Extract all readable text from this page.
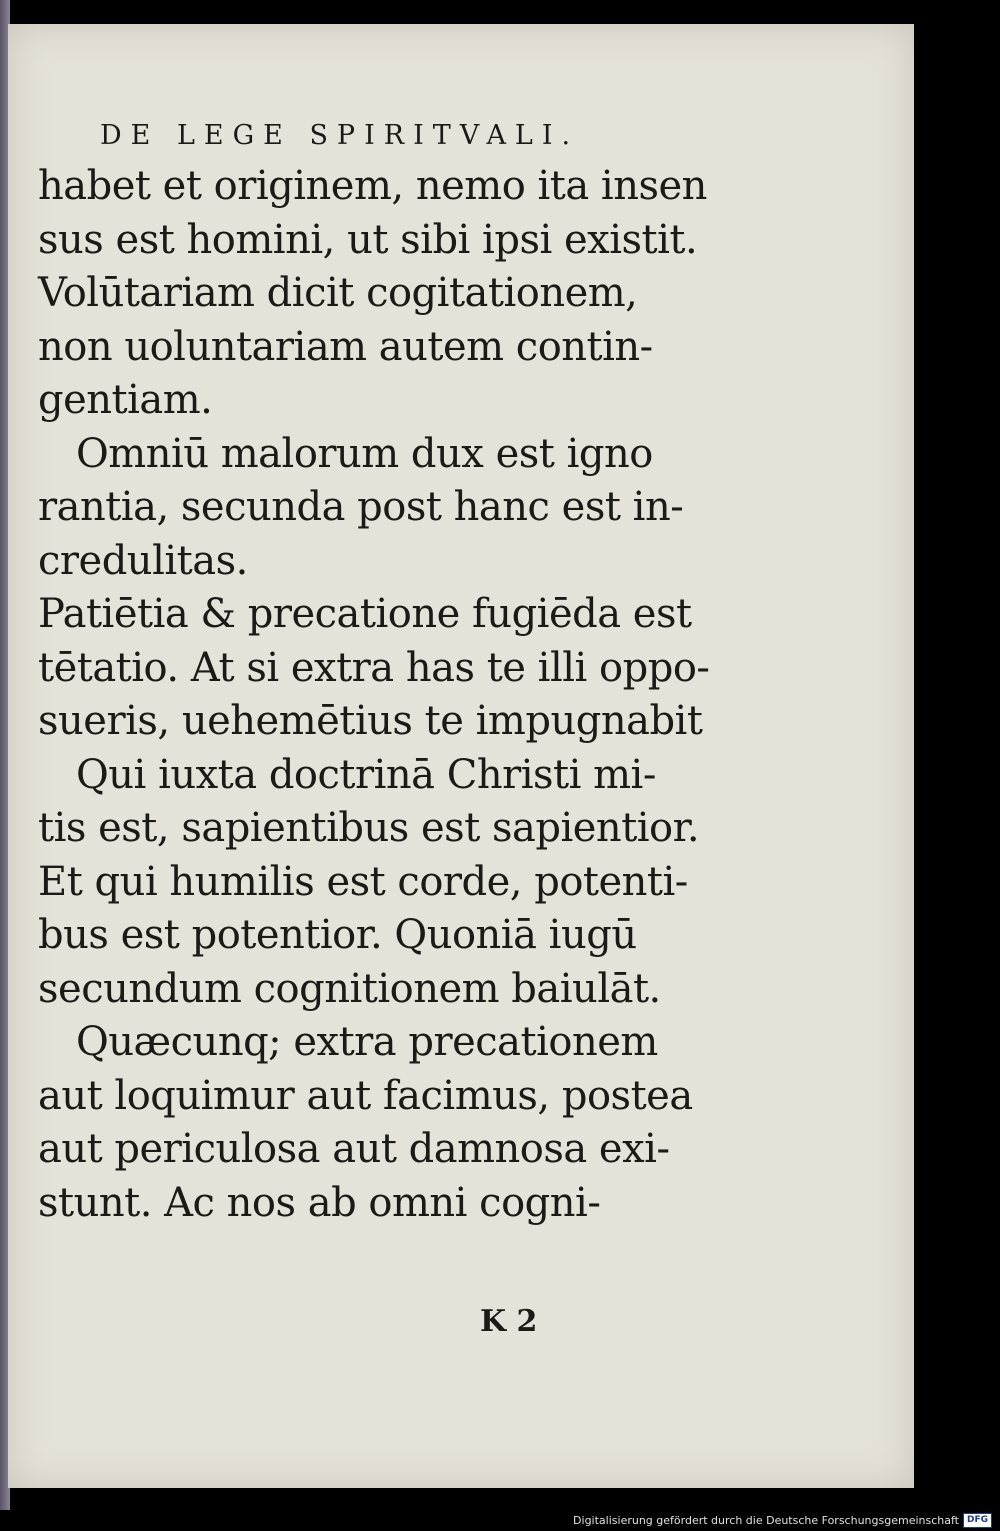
DE LEGE SPIRITVALI.
habet et originem, nemo ita insen
sus est homini, ut sibi ipsi existit.
Volūtariam dicit cogitationem,
non uoluntariam autem contin-
gentiam.
Omniū malorum dux est igno
rantia, secunda post hanc est in-
credulitas.
Patiētia & precatione fugiēda est
tētatio. At si extra has te illi oppo-
sueris, uehemētius te impugnabit
Qui iuxta doctrinā Christi mi-
tis est, sapientibus est sapientior.
Et qui humilis est corde, potenti-
bus est potentior. Quoniā iugū
secundum cognitionem baiulāt.
Quæcunq; extra precationem
aut loquimur aut facimus, postea
aut periculosa aut damnosa exi-
stunt. Ac nos ab omni cogni-
K 2
Digitalisierung gefördert durch die Deutsche Forschungsgemeinschaft DFG
